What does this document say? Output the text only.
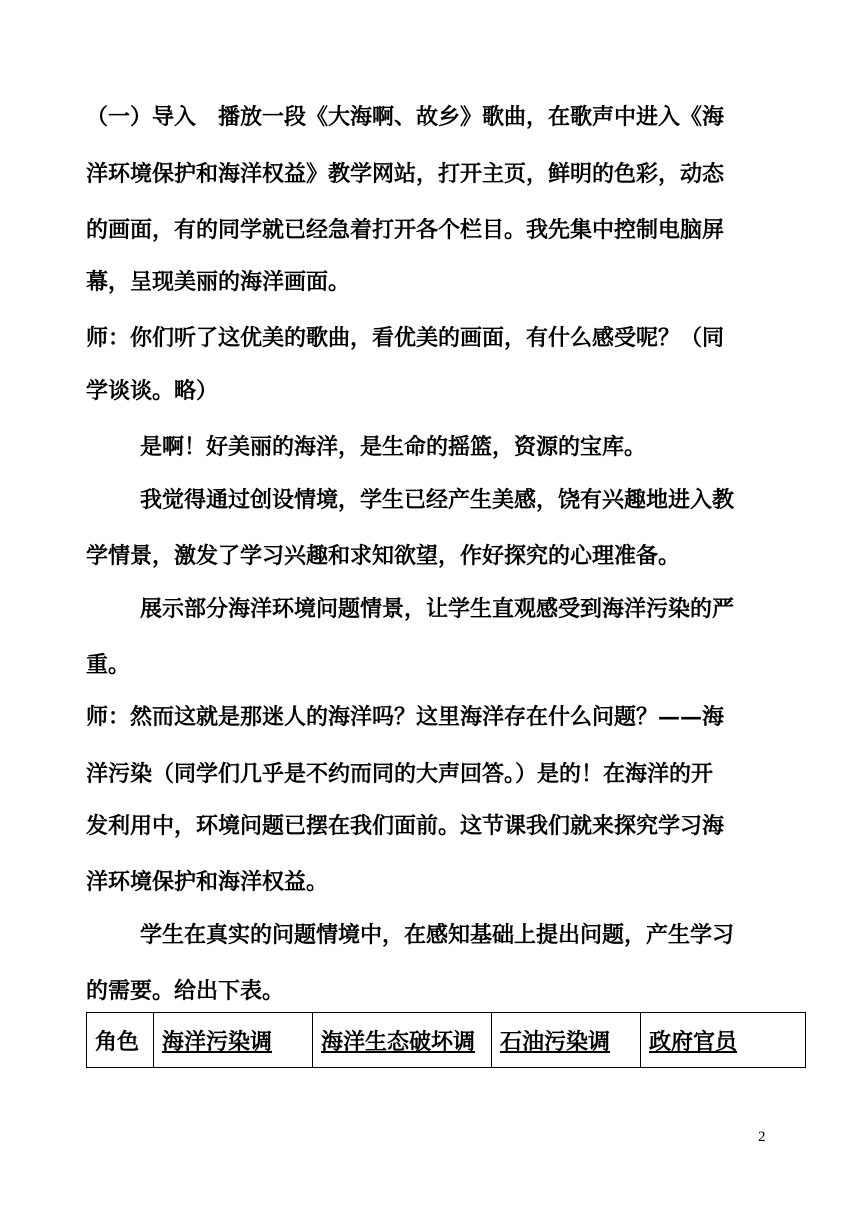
（一）导入　播放一段《大海啊、故乡》歌曲，在歌声中进入《海
洋环境保护和海洋权益》教学网站，打开主页，鲜明的色彩，动态
的画面，有的同学就已经急着打开各个栏目。我先集中控制电脑屏
幕，呈现美丽的海洋画面。
师：你们听了这优美的歌曲，看优美的画面，有什么感受呢？（同
学谈谈。略）
是啊！好美丽的海洋，是生命的摇篮，资源的宝库。
我觉得通过创设情境，学生已经产生美感，饶有兴趣地进入教
学情景，激发了学习兴趣和求知欲望，作好探究的心理准备。
展示部分海洋环境问题情景，让学生直观感受到海洋污染的严
重。
师：然而这就是那迷人的海洋吗？这里海洋存在什么问题？——海
洋污染（同学们几乎是不约而同的大声回答。）是的！在海洋的开
发利用中，环境问题已摆在我们面前。这节课我们就来探究学习海
洋环境保护和海洋权益。
学生在真实的问题情境中，在感知基础上提出问题，产生学习
的需要。给出下表。
角色	海洋污染调	海洋生态破坏调	石油污染调	政府官员
2
